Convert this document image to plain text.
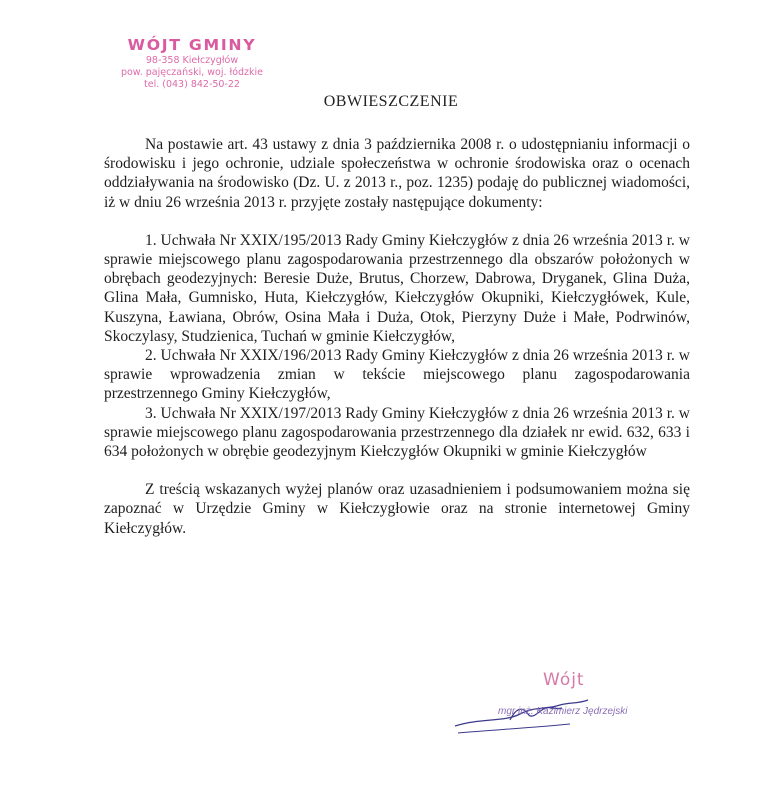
WÓJT GMINY
98-358 Kiełczygłów
pow. pajęczański, woj. łódzkie
tel. (043) 842-50-22
OBWIESZCZENIE

Na postawie art. 43 ustawy z dnia 3 października 2008 r. o udostępnianiu informacji o środowisku i jego ochronie, udziale społeczeństwa w ochronie środowiska oraz o ocenach oddziaływania na środowisko (Dz. U. z 2013 r., poz. 1235) podaję do publicznej wiadomości, iż w dniu 26 września 2013 r. przyjęte zostały następujące dokumenty:

1. Uchwała Nr XXIX/195/2013 Rady Gminy Kiełczygłów z dnia 26 września 2013 r. w sprawie miejscowego planu zagospodarowania przestrzennego dla obszarów położonych w obrębach geodezyjnych: Beresie Duże, Brutus, Chorzew, Dabrowa, Dryganek, Glina Duża, Glina Mała, Gumnisko, Huta, Kiełczygłów, Kiełczygłów Okupniki, Kiełczygłówek, Kule, Kuszyna, Ławiana, Obrów, Osina Mała i Duża, Otok, Pierzyny Duże i Małe, Podrwinów, Skoczylasy, Studzienica, Tuchań w gminie Kiełczygłów,

2. Uchwała Nr XXIX/196/2013 Rady Gminy Kiełczygłów z dnia 26 września 2013 r. w sprawie wprowadzenia zmian w tekście miejscowego planu zagospodarowania przestrzennego Gminy Kiełczygłów,

3. Uchwała Nr XXIX/197/2013 Rady Gminy Kiełczygłów z dnia 26 września 2013 r. w sprawie miejscowego planu zagospodarowania przestrzennego dla działek nr ewid. 632, 633 i 634 położonych w obrębie geodezyjnym Kiełczygłów Okupniki w gminie Kiełczygłów

Z treścią wskazanych wyżej planów oraz uzasadnieniem i podsumowaniem można się zapoznać w Urzędzie Gminy w Kiełczygłowie oraz na stronie internetowej Gminy Kiełczygłów.

Wójt
mgr inż. Kazimierz Jędrzejski
